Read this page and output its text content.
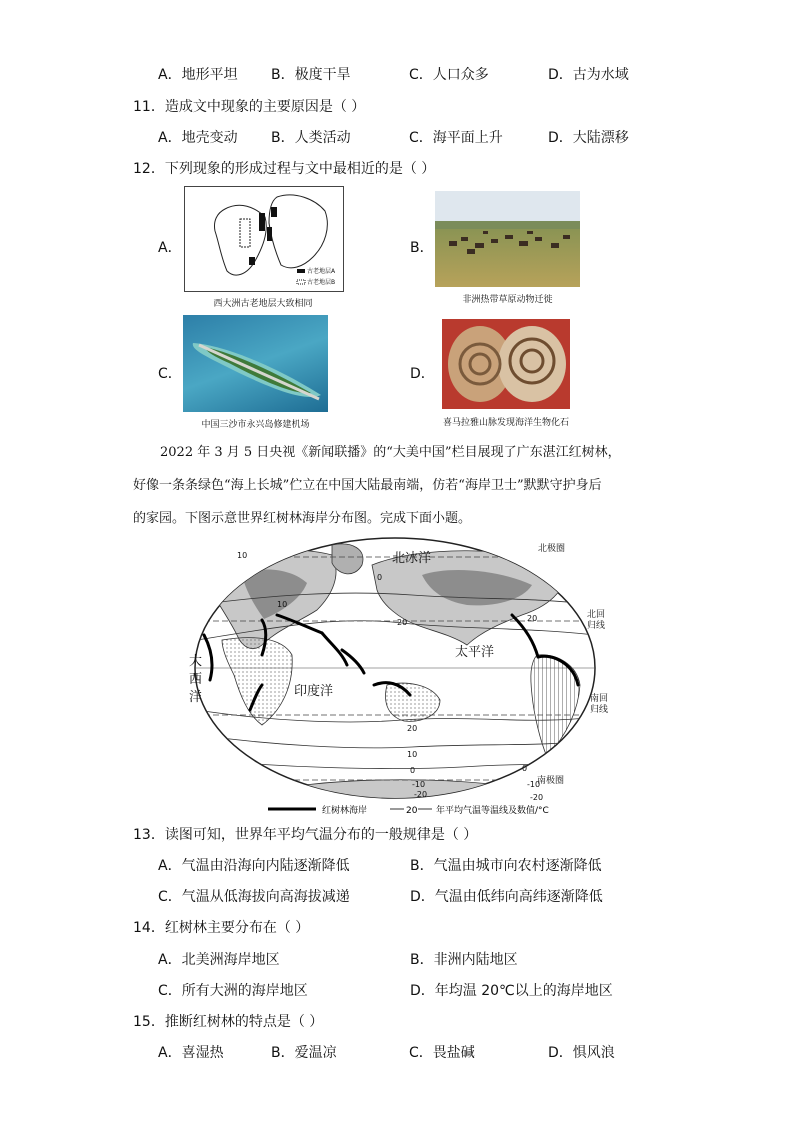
A．地形平坦 B．极度干旱	C．人口众多	D．古为水域
11．造成文中现象的主要原因是（ ）
A．地壳变动 B．人类活动	C．海平面上升	D．大陆漂移
12．下列现象的形成过程与文中最相近的是（ ）
A．
古老地层A
古老地层B
西大洲古老地层大致相同
B．
非洲热带草原动物迁徙
C．
中国三沙市永兴岛修建机场
D．
喜马拉雅山脉发现海洋生物化石
2022 年 3 月 5 日央视《新闻联播》的“大美中国”栏目展现了广东湛江红树林，
好像一条条绿色“海上长城”伫立在中国大陆最南端，仿若“海岸卫士”默默守护身后
的家园。下图示意世界红树林海岸分布图。完成下面小题。
北冰洋
北极圈
北回
归线
太平洋
大
西
洋	印度洋	南回
归线
南极圈
10
0
10
20	20
20
10
0
-10
-20
0
-10
-20
红树林海岸	20 年平均气温等温线及数值/°C
13．读图可知，世界年平均气温分布的一般规律是（ ）
A．气温由沿海向内陆逐渐降低	B．气温由城市向农村逐渐降低
C．气温从低海拔向高海拔减递	D．气温由低纬向高纬逐渐降低
14．红树林主要分布在（ ）
A．北美洲海岸地区	B．非洲内陆地区
C．所有大洲的海岸地区	D．年均温 20℃以上的海岸地区
15．推断红树林的特点是（ ）
A．喜湿热	B．爱温凉	C．畏盐碱	D．惧风浪
